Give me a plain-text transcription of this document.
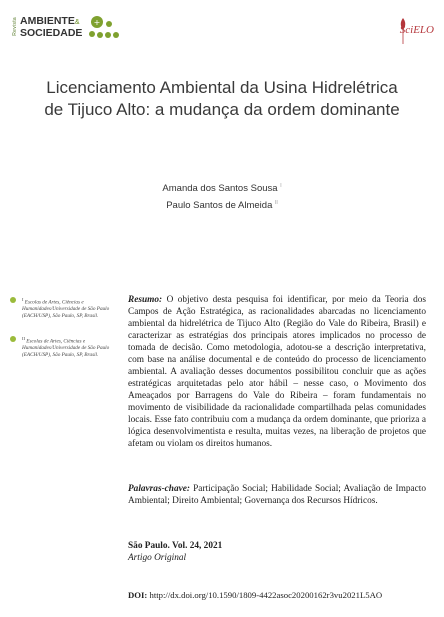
Revista AMBIENTE&
SOCIEDADE
+
SciELO
Licenciamento Ambiental da Usina Hidrelétrica de Tijuco Alto: a mudança da ordem dominante
Amanda dos Santos Sousa $^I$
Paulo Santos de Almeida $^{II}$
I Escolas de Artes, Ciências e Humanidades/Universidade de São Paulo (EACH/USP), São Paulo, SP, Brasil.
II Escolas de Artes, Ciências e Humanidades/Universidade de São Paulo (EACH/USP), São Paulo, SP, Brasil.
Resumo: O objetivo desta pesquisa foi identificar, por meio da Teoria dos Campos de Ação Estratégica, as racionalidades abarcadas no licenciamento ambiental da hidrelétrica de Tijuco Alto (Região do Vale do Ribeira, Brasil) e caracterizar as estratégias dos principais atores implicados no processo de tomada de decisão. Como metodologia, adotou-se a descrição interpretativa, com base na análise documental e de conteúdo do processo de licenciamento ambiental. A avaliação desses documentos possibilitou concluir que as ações estratégicas arquitetadas pelo ator hábil – nesse caso, o Movimento dos Ameaçados por Barragens do Vale do Ribeira – foram fundamentais no movimento de visibilidade da racionalidade compartilhada pelas comunidades locais. Esse fato contribuiu com a mudança da ordem dominante, que prioriza a lógica desenvolvimentista e resulta, muitas vezes, na liberação de projetos que afetam ou violam os direitos humanos.
Palavras-chave: Participação Social; Habilidade Social; Avaliação de Impacto Ambiental; Direito Ambiental; Governança dos Recursos Hídricos.
São Paulo. Vol. 24, 2021
Artigo Original
DOI: http://dx.doi.org/10.1590/1809-4422asoc20200162r3vu2021L5AO
